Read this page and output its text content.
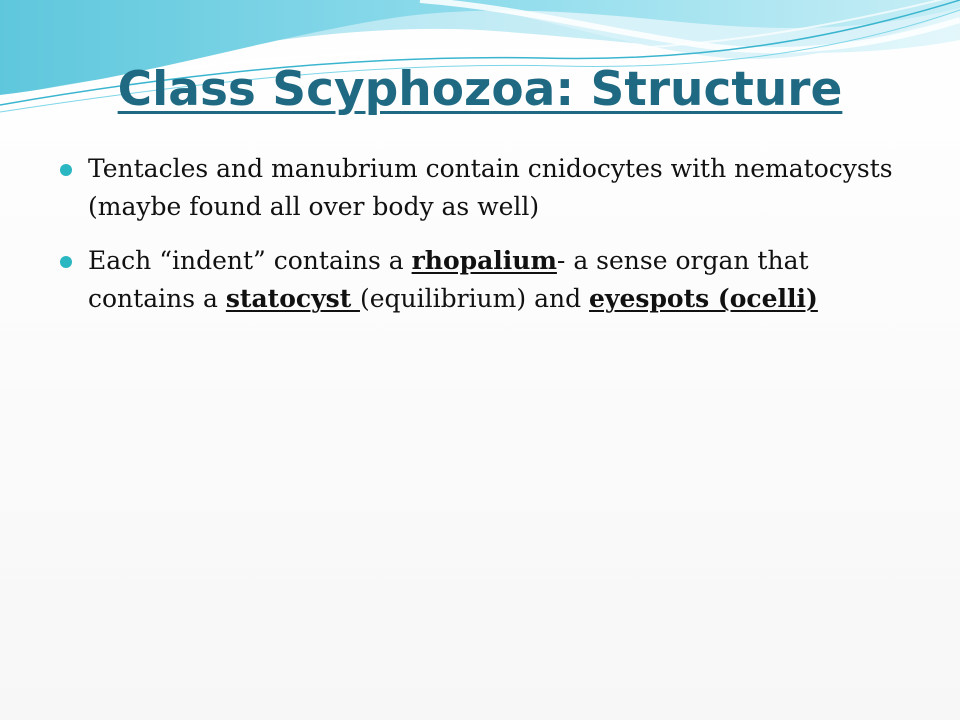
Class Scyphozoa: Structure
Tentacles and manubrium contain cnidocytes with nematocysts (maybe found all over body as well)
Each “indent” contains a rhopalium- a sense organ that contains a statocyst (equilibrium) and eyespots (ocelli)
